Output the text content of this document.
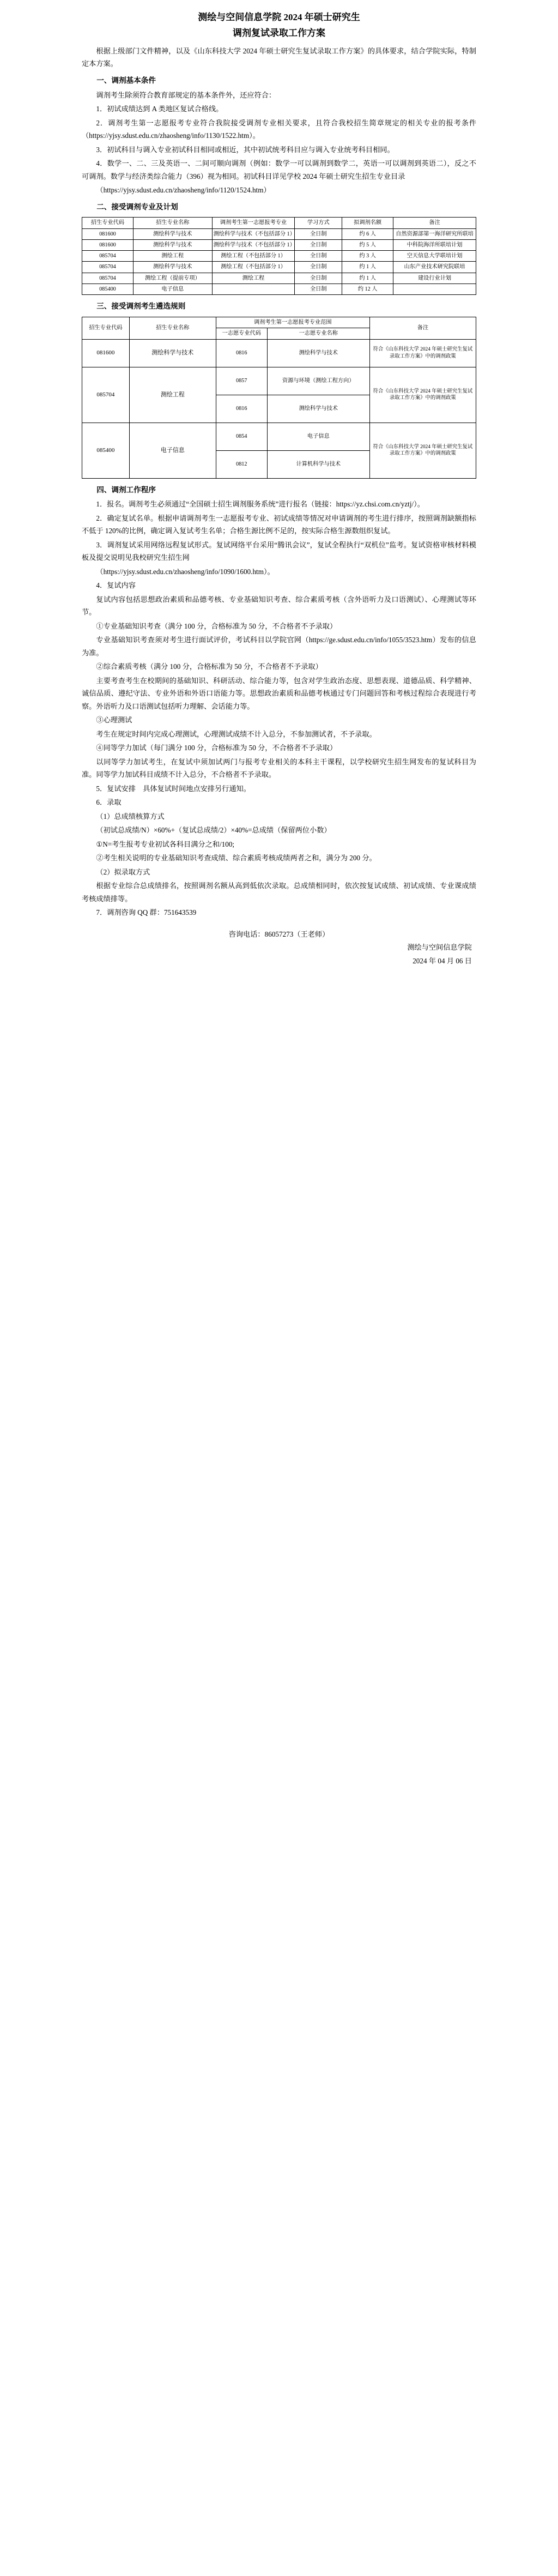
测绘与空间信息学院 2024 年硕士研究生
调剂复试录取工作方案

根据上级部门文件精神，以及《山东科技大学 2024 年硕士研究生复试录取工作方案》的具体要求，结合学院实际，特制定本方案。

一、调剂基本条件

调剂考生除须符合教育部规定的基本条件外，还应符合：

1．初试成绩达到 A 类地区复试合格线。

2．调剂考生第一志愿报考专业符合我院接受调剂专业相关要求，且符合我校招生简章规定的相关专业的报考条件（https://yjsy.sdust.edu.cn/zhaosheng/info/1130/1522.htm）。

3．初试科目与调入专业初试科目相同或相近，其中初试统考科目应与调入专业统考科目相同。

4．数学一、二、三及英语一、二间可顺向调剂（例如：数学一可以调剂到数学二，英语一可以调剂到英语二），反之不可调剂。数学与经济类综合能力（396）视为相同。初试科目详见学校 2024 年硕士研究生招生专业目录

（https://yjsy.sdust.edu.cn/zhaosheng/info/1120/1524.htm）

二、接受调剂专业及计划
招生专业代码	招生专业名称	调剂考生第一志愿报考专业	学习方式	拟调剂名额	备注
081600	测绘科学与技术	测绘科学与技术（不包括部分 1）	全日制	约 6 人	自然资源部第一海洋研究所联培
081600	测绘科学与技术	测绘科学与技术（不包括部分 1）	全日制	约 5 人	中科院海洋所联培计划
085704	测绘工程	测绘工程（不包括部分 1）	全日制	约 3 人	空天信息大学联培计划
085704	测绘科学与技术	测绘工程（不包括部分 1）	全日制	约 1 人	山东产业技术研究院联培
085704	测绘工程（提前专项）	测绘工程	全日制	约 1 人	建设行业计划
085400	电子信息		全日制	约 12 人	
三、接受调剂考生遴选规则
招生专业代码	招生专业名称	调剂考生第一志愿报考专业范围		备注
		一志愿专业代码	一志愿专业名称	
081600	测绘科学与技术	0816	测绘科学与技术	符合《山东科技大学 2024 年硕士研究生复试录取工作方案》中的调剂政策
085704	测绘工程	0857	资源与环境（测绘工程方向）	符合《山东科技大学 2024 年硕士研究生复试录取工作方案》中的调剂政策
		0816	测绘科学与技术	
085400	电子信息	0854	电子信息	符合《山东科技大学 2024 年硕士研究生复试录取工作方案》中的调剂政策
		0812	计算机科学与技术	
四、调剂工作程序

1．报名。调剂考生必须通过“全国硕士招生调剂服务系统”进行报名（链接：https://yz.chsi.com.cn/yztj/）。

2．确定复试名单。根据申请调剂考生一志愿报考专业、初试成绩等情况对申请调剂的考生进行排序，按照调剂缺额指标不低于 120%的比例，确定调入复试考生名单；合格生源比例不足的，按实际合格生源数组织复试。

3．调剂复试采用网络远程复试形式。复试网络平台采用“腾讯会议”，复试全程执行“双机位”监考。复试资格审核材料模板及提交说明见我校研究生招生网

（https://yjsy.sdust.edu.cn/zhaosheng/info/1090/1600.htm）。

4．复试内容

复试内容包括思想政治素质和品德考核、专业基础知识考查、综合素质考核（含外语听力及口语测试）、心理测试等环节。

①专业基础知识考查（满分 100 分，合格标准为 50 分，不合格者不予录取）

专业基础知识考查须对考生进行面试评价，考试科目以学院官网（https://ge.sdust.edu.cn/info/1055/3523.htm）发布的信息为准。

②综合素质考核（满分 100 分，合格标准为 50 分，不合格者不予录取）

主要考查考生在校期间的基础知识、科研活动、综合能力等，包含对学生政治态度、思想表现、道德品质、科学精神、诚信品质、遵纪守法、专业外语和外语口语能力等。思想政治素质和品德考核通过专门问题回答和考核过程综合表现进行考察。外语听力及口语测试包括听力理解、会话能力等。

③心理测试

考生在规定时间内完成心理测试，心理测试成绩不计入总分，不参加测试者，不予录取。

④同等学力加试（每门满分 100 分，合格标准为 50 分，不合格者不予录取）

以同等学力加试考生，在复试中须加试两门与报考专业相关的本科主干课程，以学校研究生招生网发布的复试科目为准。同等学力加试科目成绩不计入总分，不合格者不予录取。

5．复试安排　具体复试时间地点安排另行通知。

6．录取

（1）总成绩核算方式

（初试总成绩/N）×60%+（复试总成绩/2）×40%=总成绩（保留两位小数）

①N=考生报考专业初试各科目满分之和/100;

②考生相关说明的专业基础知识考查成绩、综合素质考核成绩两者之和，满分为 200 分。

（2）拟录取方式

根据专业综合总成绩排名，按照调剂名额从高到低依次录取。总成绩相同时，依次按复试成绩、初试成绩、专业课成绩考核成绩排等。

7．调剂咨询 QQ 群：751643539

咨询电话：86057273（王老师）
测绘与空间信息学院
2024 年 04 月 06 日
